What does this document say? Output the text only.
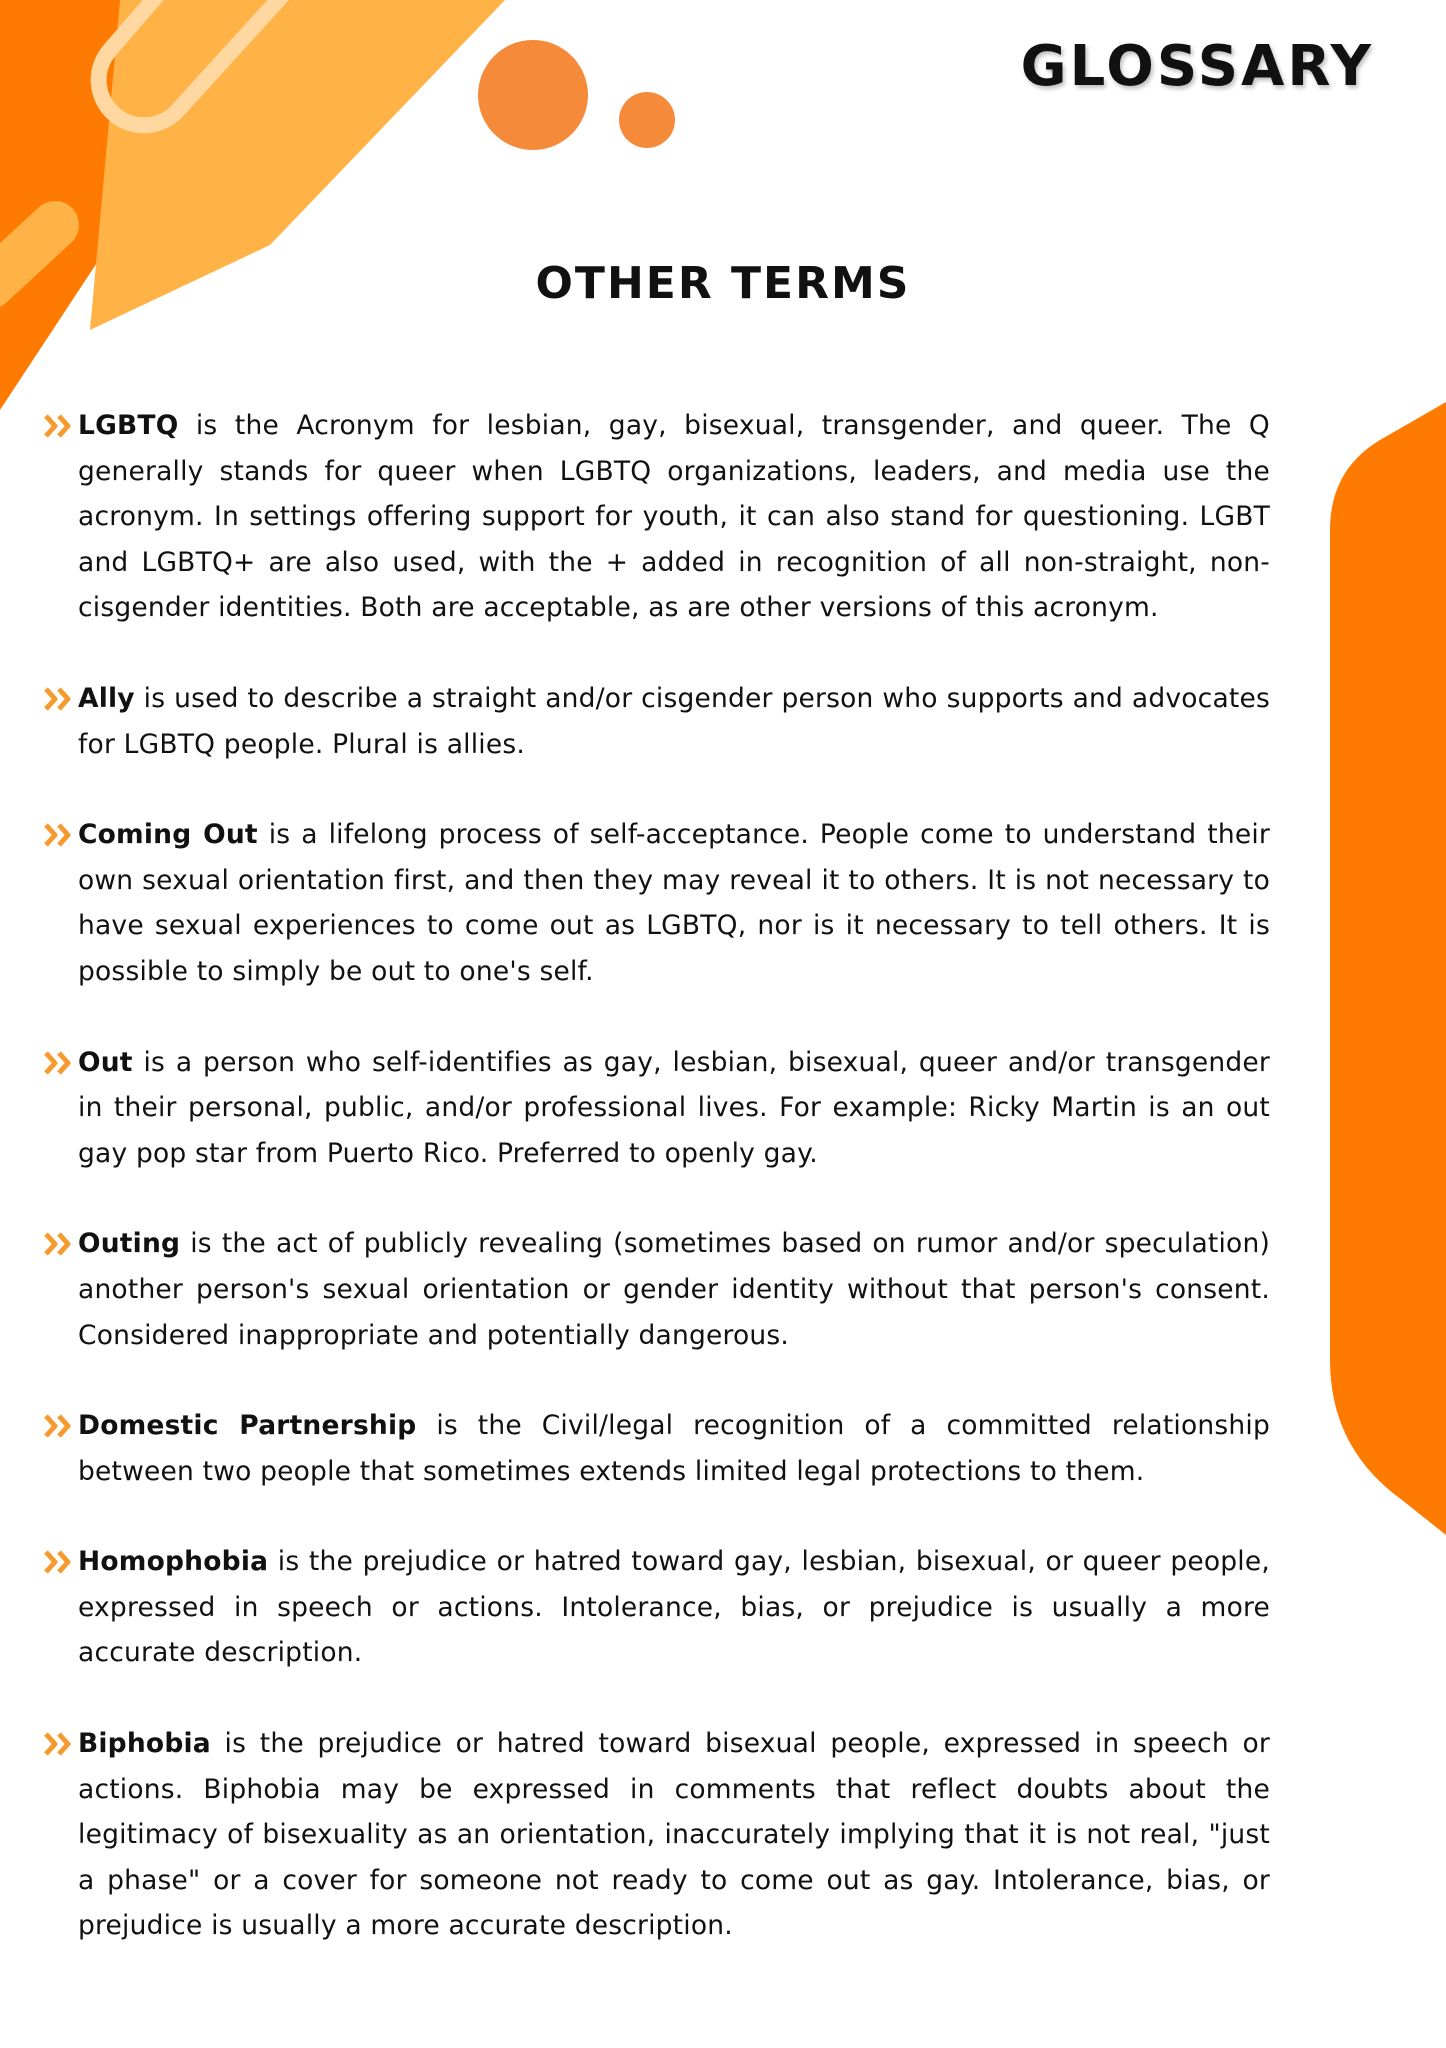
GLOSSARY
OTHER TERMS
LGBTQ is the Acronym for lesbian, gay, bisexual, transgender, and queer. The Q generally stands for queer when LGBTQ organizations, leaders, and media use the acronym. In settings offering support for youth, it can also stand for questioning. LGBT and LGBTQ+ are also used, with the + added in recognition of all non-straight, non-cisgender identities. Both are acceptable, as are other versions of this acronym.
Ally is used to describe a straight and/or cisgender person who supports and advocates for LGBTQ people. Plural is allies.
Coming Out is a lifelong process of self-acceptance. People come to understand their own sexual orientation first, and then they may reveal it to others. It is not necessary to have sexual experiences to come out as LGBTQ, nor is it necessary to tell others. It is possible to simply be out to one's self.
Out is a person who self-identifies as gay, lesbian, bisexual, queer and/or transgender in their personal, public, and/or professional lives. For example: Ricky Martin is an out gay pop star from Puerto Rico. Preferred to openly gay.
Outing is the act of publicly revealing (sometimes based on rumor and/or speculation) another person's sexual orientation or gender identity without that person's consent. Considered inappropriate and potentially dangerous.
Domestic Partnership is the Civil/legal recognition of a committed relationship between two people that sometimes extends limited legal protections to them.
Homophobia is the prejudice or hatred toward gay, lesbian, bisexual, or queer people, expressed in speech or actions. Intolerance, bias, or prejudice is usually a more accurate description.
Biphobia is the prejudice or hatred toward bisexual people, expressed in speech or actions. Biphobia may be expressed in comments that reflect doubts about the legitimacy of bisexuality as an orientation, inaccurately implying that it is not real, "just a phase" or a cover for someone not ready to come out as gay. Intolerance, bias, or prejudice is usually a more accurate description.
